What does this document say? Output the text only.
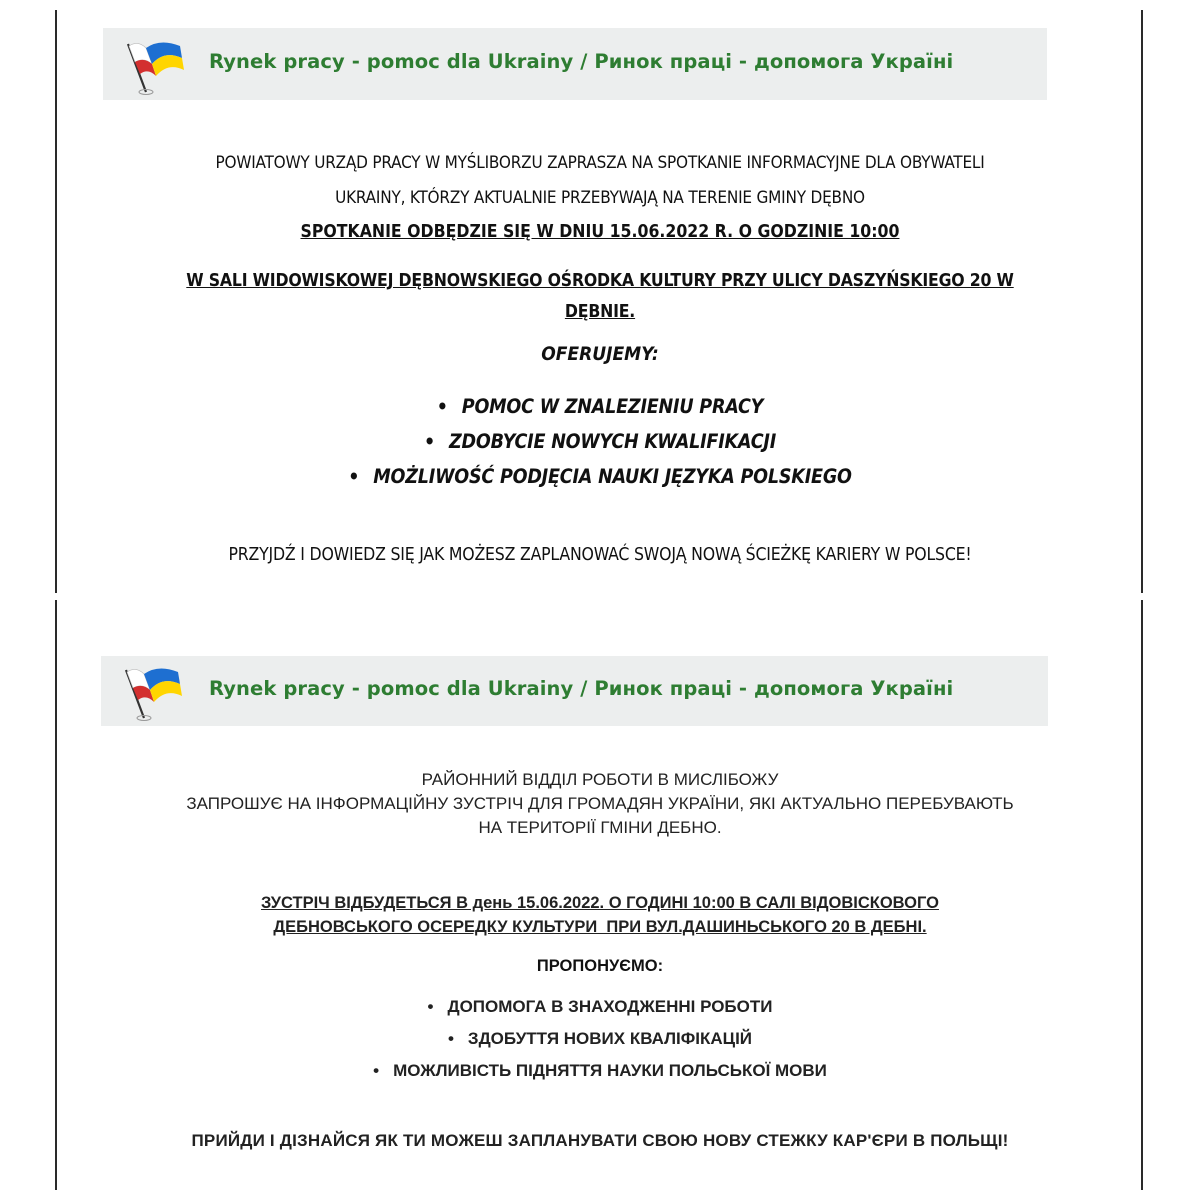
Rynek pracy - pomoc dla Ukrainy / Ринок праці - допомога Україні
POWIATOWY URZĄD PRACY W MYŚLIBORZU ZAPRASZA NA SPOTKANIE INFORMACYJNE DLA OBYWATELI
UKRAINY, KTÓRZY AKTUALNIE PRZEBYWAJĄ NA TERENIE GMINY DĘBNO
SPOTKANIE ODBĘDZIE SIĘ W DNIU 15.06.2022 R. O GODZINIE 10:00
W SALI WIDOWISKOWEJ DĘBNOWSKIEGO OŚRODKA KULTURY PRZY ULICY DASZYŃSKIEGO 20 W
DĘBNIE.
OFERUJEMY:
• POMOC W ZNALEZIENIU PRACY
• ZDOBYCIE NOWYCH KWALIFIKACJI
• MOŻLIWOŚĆ PODJĘCIA NAUKI JĘZYKA POLSKIEGO
PRZYJDŹ I DOWIEDZ SIĘ JAK MOŻESZ ZAPLANOWAĆ SWOJĄ NOWĄ ŚCIEŻKĘ KARIERY W POLSCE!
Rynek pracy - pomoc dla Ukrainy / Ринок праці - допомога Україні
РАЙОННИЙ ВІДДІЛ РОБОТИ В МИСЛІБОЖУ
ЗАПРОШУЄ НА ІНФОРМАЦІЙНУ ЗУСТРІЧ ДЛЯ ГРОМАДЯН УКРАЇНИ, ЯКІ АКТУАЛЬНО ПЕРЕБУВАЮТЬ
НА ТЕРИТОРІЇ ГМІНИ ДЕБНО.
ЗУСТРІЧ ВІДБУДЕТЬСЯ В день 15.06.2022. О ГОДИНІ 10:00 В САЛІ ВІДОВІСКОВОГО
ДЕБНОВСЬКОГО ОСЕРЕДКУ КУЛЬТУРИ  ПРИ ВУЛ.ДАШИНЬСЬКОГО 20 В ДЕБНІ.
ПРОПОНУЄМО:
• ДОПОМОГА В ЗНАХОДЖЕННІ РОБОТИ
• ЗДОБУТТЯ НОВИХ КВАЛІФІКАЦІЙ
• МОЖЛИВІСТЬ ПІДНЯТТЯ НАУКИ ПОЛЬСЬКОЇ МОВИ
ПРИЙДИ І ДІЗНАЙСЯ ЯК ТИ МОЖЕШ ЗАПЛАНУВАТИ СВОЮ НОВУ СТЕЖКУ КАР'ЄРИ В ПОЛЬЩІ!
